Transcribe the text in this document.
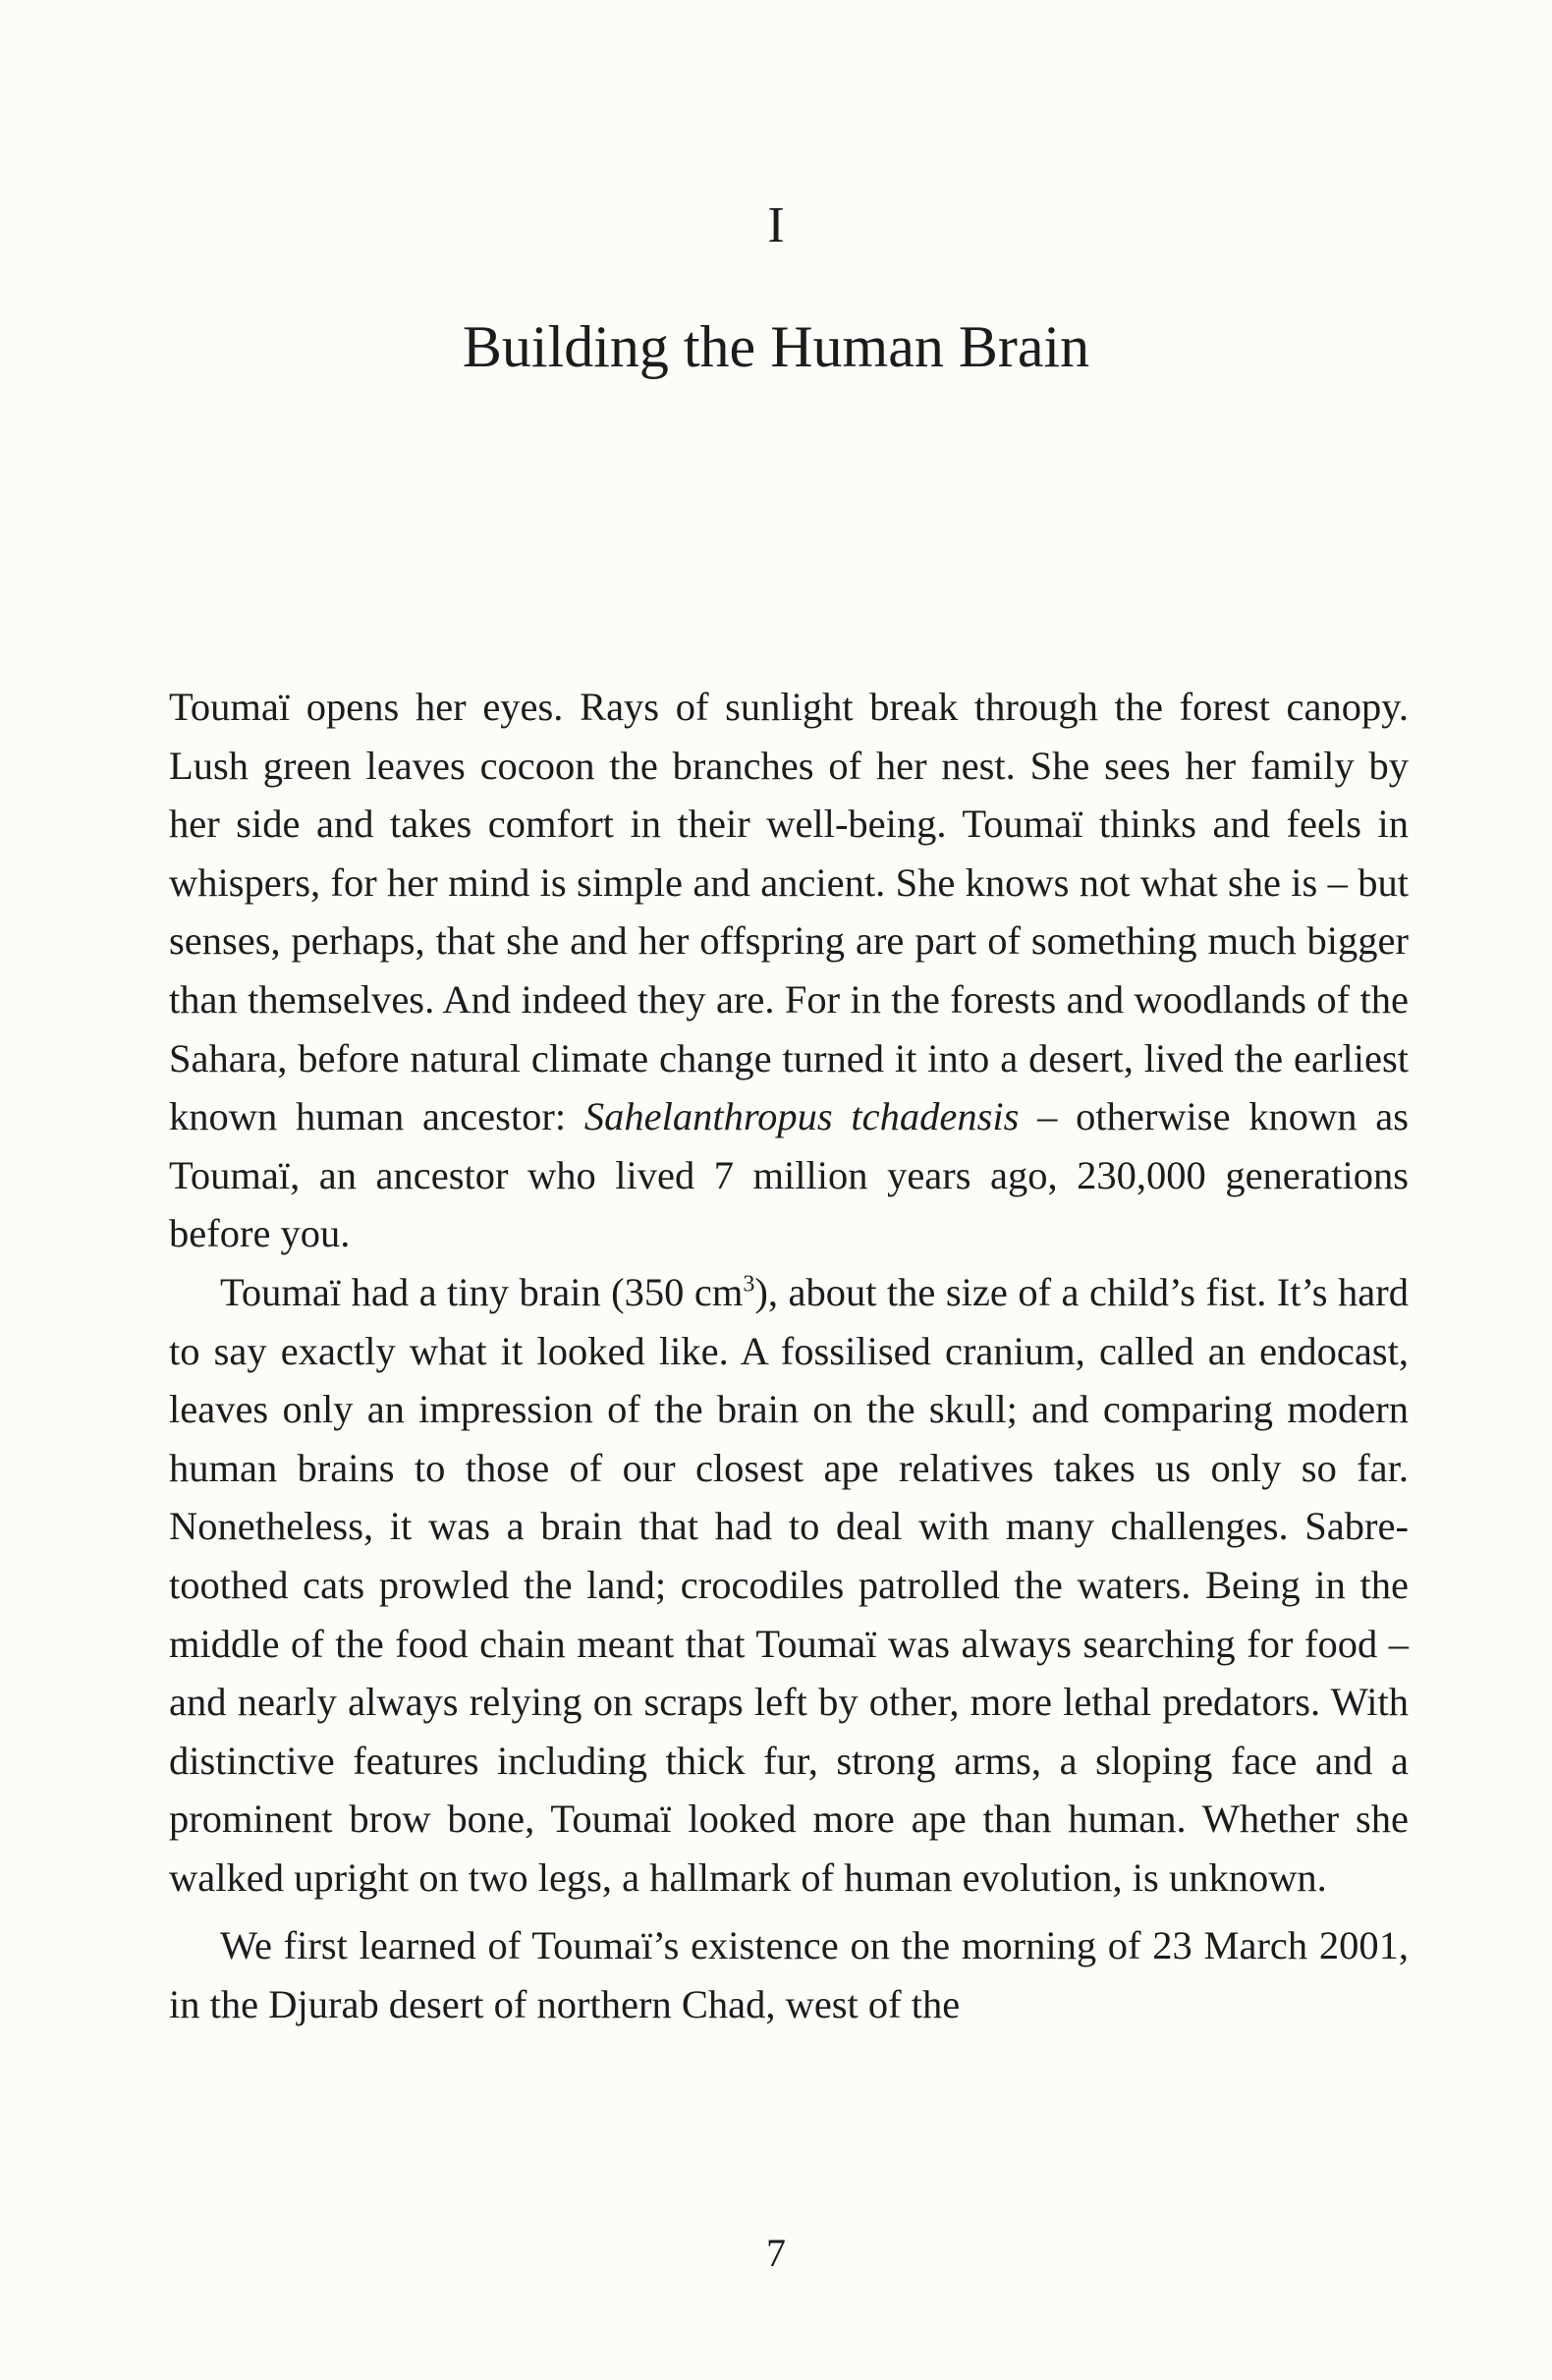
I
Building the Human Brain

Toumaï opens her eyes. Rays of sunlight break through the forest canopy. Lush green leaves cocoon the branches of her nest. She sees her family by her side and takes comfort in their well-being. Toumaï thinks and feels in whispers, for her mind is simple and ancient. She knows not what she is – but senses, perhaps, that she and her offspring are part of something much bigger than themselves. And indeed they are. For in the forests and woodlands of the Sahara, before natural climate change turned it into a desert, lived the earliest known human ancestor: Sahelanthropus tchadensis – otherwise known as Toumaï, an ancestor who lived 7 million years ago, 230,000 generations before you.

Toumaï had a tiny brain (350 $cm^3$), about the size of a child’s fist. It’s hard to say exactly what it looked like. A fossilised cranium, called an endocast, leaves only an impression of the brain on the skull; and comparing modern human brains to those of our closest ape relatives takes us only so far. Nonetheless, it was a brain that had to deal with many challenges. Sabre-toothed cats prowled the land; crocodiles patrolled the waters. Being in the middle of the food chain meant that Toumaï was always searching for food – and nearly always relying on scraps left by other, more lethal predators. With distinctive features including thick fur, strong arms, a sloping face and a prominent brow bone, Toumaï looked more ape than human. Whether she walked upright on two legs, a hallmark of human evolution, is unknown.

We first learned of Toumaï’s existence on the morning of 23 March 2001, in the Djurab desert of northern Chad, west of the

7
